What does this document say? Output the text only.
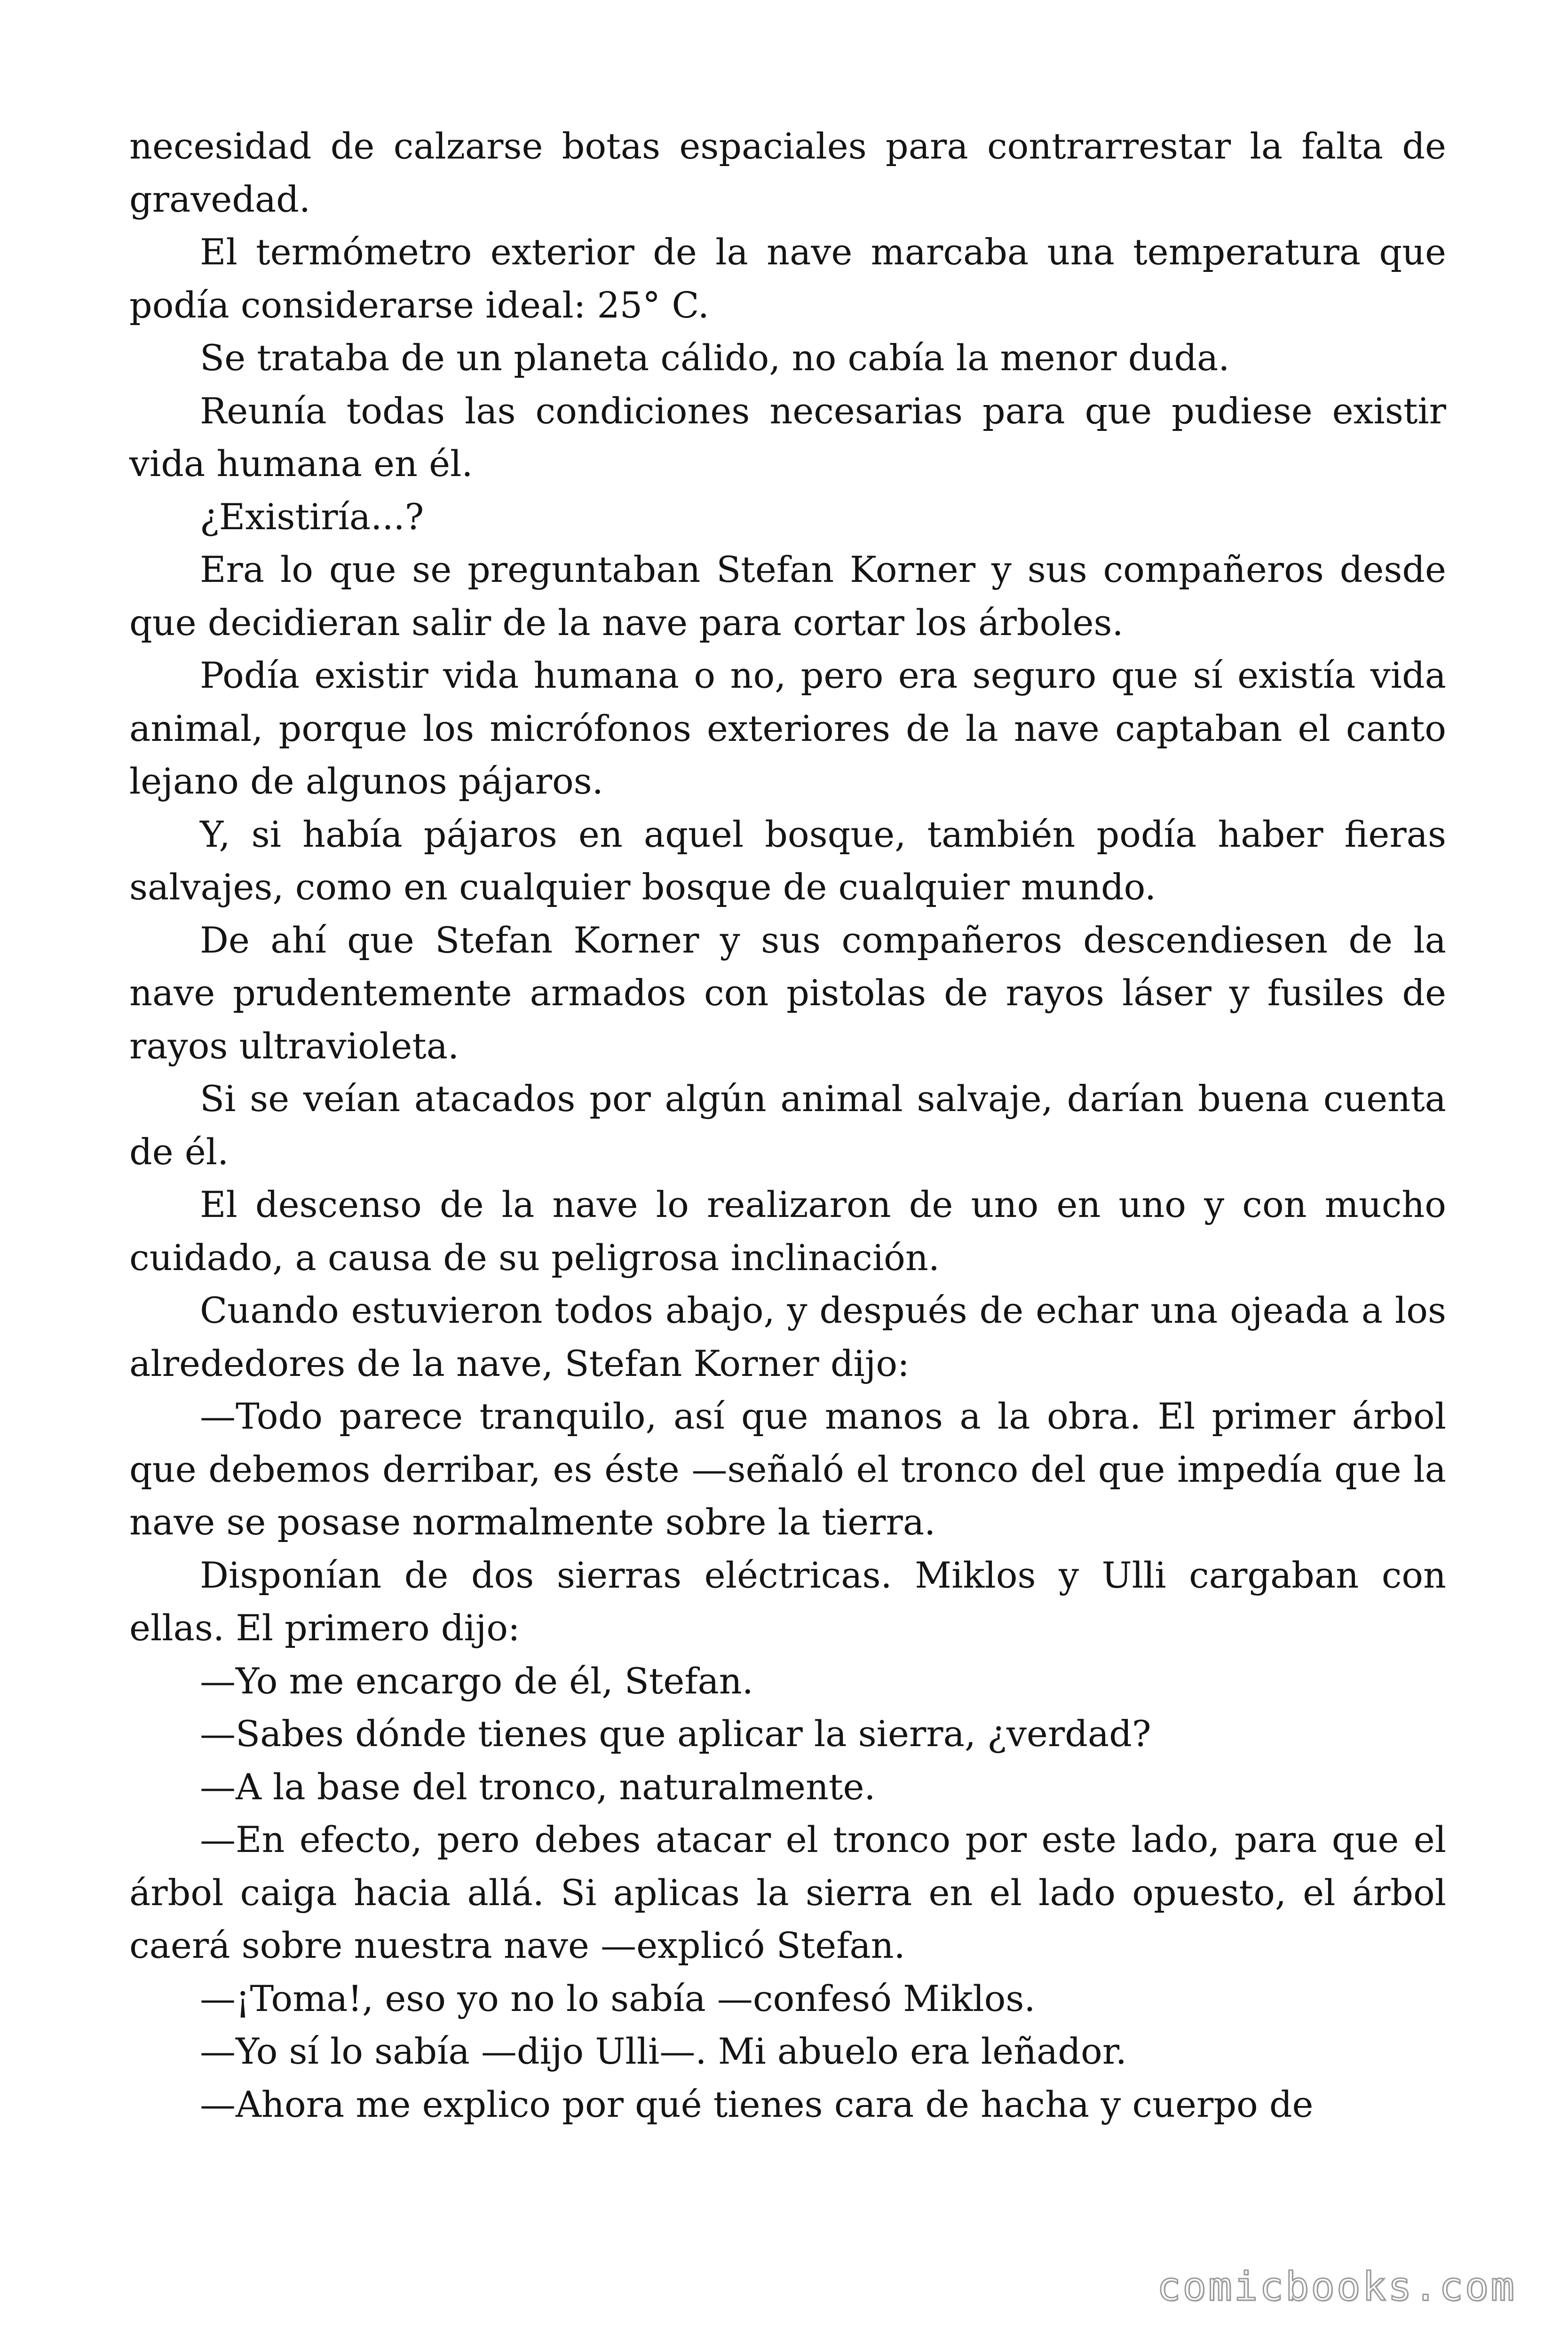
necesidad de calzarse botas espaciales para contrarrestar la falta de gravedad.

El termómetro exterior de la nave marcaba una temperatura que podía considerarse ideal: 25° C.

Se trataba de un planeta cálido, no cabía la menor duda.

Reunía todas las condiciones necesarias para que pudiese existir vida humana en él.

¿Existiría...?

Era lo que se preguntaban Stefan Korner y sus compañeros desde que decidieran salir de la nave para cortar los árboles.

Podía existir vida humana o no, pero era seguro que sí existía vida animal, porque los micrófonos exteriores de la nave captaban el canto lejano de algunos pájaros.

Y, si había pájaros en aquel bosque, también podía haber fieras salvajes, como en cualquier bosque de cualquier mundo.

De ahí que Stefan Korner y sus compañeros descendiesen de la nave prudentemente armados con pistolas de rayos láser y fusiles de rayos ultravioleta.

Si se veían atacados por algún animal salvaje, darían buena cuenta de él.

El descenso de la nave lo realizaron de uno en uno y con mucho cuidado, a causa de su peligrosa inclinación.

Cuando estuvieron todos abajo, y después de echar una ojeada a los alrededores de la nave, Stefan Korner dijo:

—Todo parece tranquilo, así que manos a la obra. El primer árbol que debemos derribar, es éste —señaló el tronco del que impedía que la nave se posase normalmente sobre la tierra.

Disponían de dos sierras eléctricas. Miklos y Ulli cargaban con ellas. El primero dijo:

—Yo me encargo de él, Stefan.

—Sabes dónde tienes que aplicar la sierra, ¿verdad?

—A la base del tronco, naturalmente.

—En efecto, pero debes atacar el tronco por este lado, para que el árbol caiga hacia allá. Si aplicas la sierra en el lado opuesto, el árbol caerá sobre nuestra nave —explicó Stefan.

—¡Toma!, eso yo no lo sabía —confesó Miklos.

—Yo sí lo sabía —dijo Ulli—. Mi abuelo era leñador.

—Ahora me explico por qué tienes cara de hacha y cuerpo de

comicbooks.com
